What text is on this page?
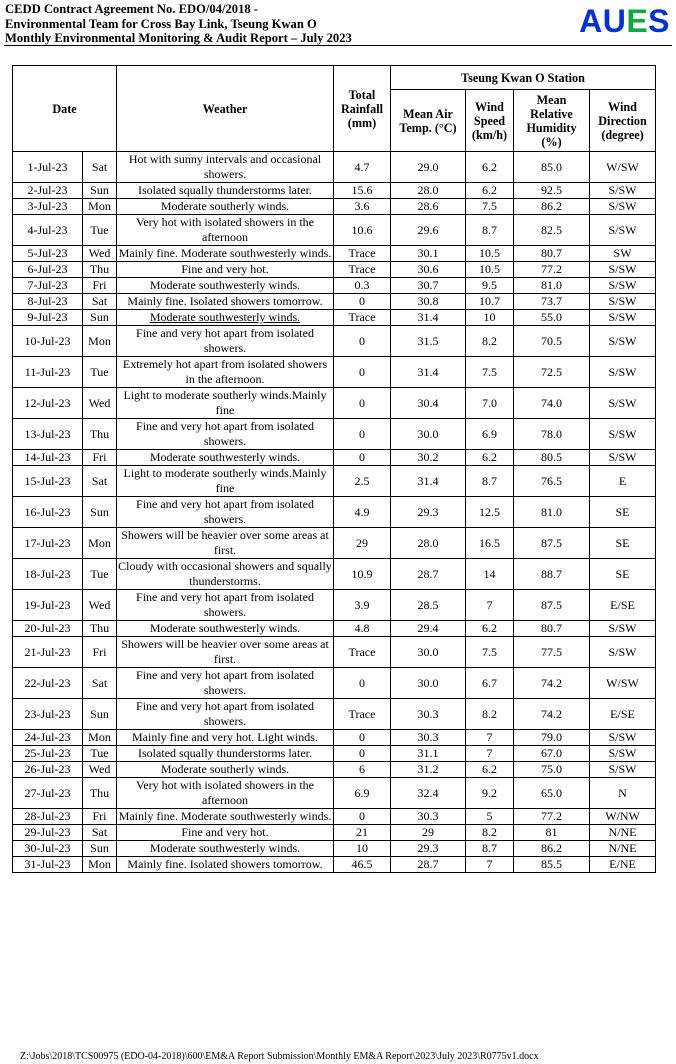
CEDD Contract Agreement No. EDO/04/2018 -
Environmental Team for Cross Bay Link, Tseung Kwan O
Monthly Environmental Monitoring & Audit Report – July 2023	AUES
Date		Weather	Total Rainfall (mm)	Tseung Kwan O Station			
				Mean Air Temp. (°C)	Wind Speed (km/h)	Mean Relative Humidity (%)	Wind Direction (degree)
1-Jul-23	Sat	Hot with sunny intervals and occasional showers.	4.7	29.0	6.2	85.0	W/SW
2-Jul-23	Sun	Isolated squally thunderstorms later.	15.6	28.0	6.2	92.5	S/SW
3-Jul-23	Mon	Moderate southerly winds.	3.6	28.6	7.5	86.2	S/SW
4-Jul-23	Tue	Very hot with isolated showers in the afternoon	10.6	29.6	8.7	82.5	S/SW
5-Jul-23	Wed	Mainly fine. Moderate southwesterly winds.	Trace	30.1	10.5	80.7	SW
6-Jul-23	Thu	Fine and very hot.	Trace	30.6	10.5	77.2	S/SW
7-Jul-23	Fri	Moderate southwesterly winds.	0.3	30.7	9.5	81.0	S/SW
8-Jul-23	Sat	Mainly fine. Isolated showers tomorrow.	0	30.8	10.7	73.7	S/SW
9-Jul-23	Sun	Moderate southwesterly winds.	Trace	31.4	10	55.0	S/SW
10-Jul-23	Mon	Fine and very hot apart from isolated showers.	0	31.5	8.2	70.5	S/SW
11-Jul-23	Tue	Extremely hot apart from isolated showers in the afternoon.	0	31.4	7.5	72.5	S/SW
12-Jul-23	Wed	Light to moderate southerly winds.Mainly fine	0	30.4	7.0	74.0	S/SW
13-Jul-23	Thu	Fine and very hot apart from isolated showers.	0	30.0	6.9	78.0	S/SW
14-Jul-23	Fri	Moderate southwesterly winds.	0	30.2	6.2	80.5	S/SW
15-Jul-23	Sat	Light to moderate southerly winds.Mainly fine	2.5	31.4	8.7	76.5	E
16-Jul-23	Sun	Fine and very hot apart from isolated showers.	4.9	29.3	12.5	81.0	SE
17-Jul-23	Mon	Showers will be heavier over some areas at first.	29	28.0	16.5	87.5	SE
18-Jul-23	Tue	Cloudy with occasional showers and squally thunderstorms.	10.9	28.7	14	88.7	SE
19-Jul-23	Wed	Fine and very hot apart from isolated showers.	3.9	28.5	7	87.5	E/SE
20-Jul-23	Thu	Moderate southwesterly winds.	4.8	29.4	6.2	80.7	S/SW
21-Jul-23	Fri	Showers will be heavier over some areas at first.	Trace	30.0	7.5	77.5	S/SW
22-Jul-23	Sat	Fine and very hot apart from isolated showers.	0	30.0	6.7	74.2	W/SW
23-Jul-23	Sun	Fine and very hot apart from isolated showers.	Trace	30.3	8.2	74.2	E/SE
24-Jul-23	Mon	Mainly fine and very hot. Light winds.	0	30.3	7	79.0	S/SW
25-Jul-23	Tue	Isolated squally thunderstorms later.	0	31.1	7	67.0	S/SW
26-Jul-23	Wed	Moderate southerly winds.	6	31.2	6.2	75.0	S/SW
27-Jul-23	Thu	Very hot with isolated showers in the afternoon	6.9	32.4	9.2	65.0	N
28-Jul-23	Fri	Mainly fine. Moderate southwesterly winds.	0	30.3	5	77.2	W/NW
29-Jul-23	Sat	Fine and very hot.	21	29	8.2	81	N/NE
30-Jul-23	Sun	Moderate southwesterly winds.	10	29.3	8.7	86.2	N/NE
31-Jul-23	Mon	Mainly fine. Isolated showers tomorrow.	46.5	28.7	7	85.5	E/NE
Z:\Jobs\2018\TCS00975 (EDO-04-2018)\600\EM&A Report Submission\Monthly EM&A Report\2023\July 2023\R0775v1.docx
